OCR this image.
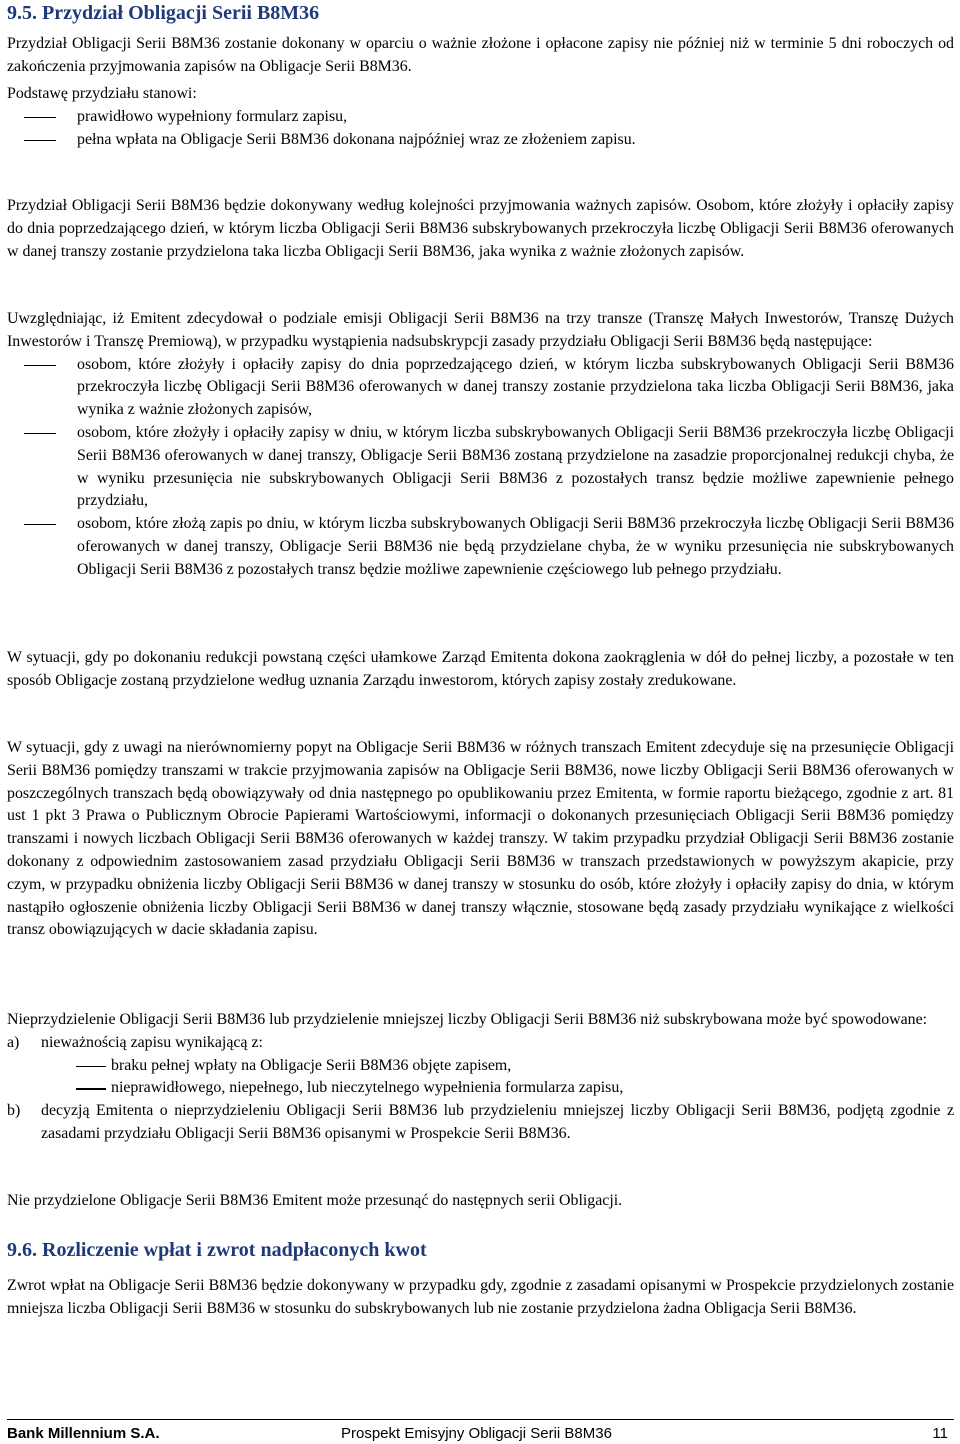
9.5. Przydział Obligacji Serii B8M36

Przydział Obligacji Serii B8M36 zostanie dokonany w oparciu o ważnie złożone i opłacone zapisy nie później niż w terminie 5 dni roboczych od zakończenia przyjmowania zapisów na Obligacje Serii B8M36.

Podstawę przydziału stanowi:

prawidłowo wypełniony formularz zapisu,
pełna wpłata na Obligacje Serii B8M36 dokonana najpóźniej wraz ze złożeniem zapisu.

Przydział Obligacji Serii B8M36 będzie dokonywany według kolejności przyjmowania ważnych zapisów. Osobom, które złożyły i opłaciły zapisy do dnia poprzedzającego dzień, w którym liczba Obligacji Serii B8M36 subskrybowanych przekroczyła liczbę Obligacji Serii B8M36 oferowanych w danej transzy zostanie przydzielona taka liczba Obligacji Serii B8M36, jaka wynika z ważnie złożonych zapisów.

Uwzględniając, iż Emitent zdecydował o podziale emisji Obligacji Serii B8M36 na trzy transze (Transzę Małych Inwestorów, Transzę Dużych Inwestorów i Transzę Premiową), w przypadku wystąpienia nadsubskrypcji zasady przydziału Obligacji Serii B8M36 będą następujące:

osobom, które złożyły i opłaciły zapisy do dnia poprzedzającego dzień, w którym liczba subskrybowanych Obligacji Serii B8M36 przekroczyła liczbę Obligacji Serii B8M36 oferowanych w danej transzy zostanie przydzielona taka liczba Obligacji Serii B8M36, jaka wynika z ważnie złożonych zapisów,
osobom, które złożyły i opłaciły zapisy w dniu, w którym liczba subskrybowanych Obligacji Serii B8M36 przekroczyła liczbę Obligacji Serii B8M36 oferowanych w danej transzy, Obligacje Serii B8M36 zostaną przydzielone na zasadzie proporcjonalnej redukcji chyba, że w wyniku przesunięcia nie subskrybowanych Obligacji Serii B8M36 z pozostałych transz będzie możliwe zapewnienie pełnego przydziału,
osobom, które złożą zapis po dniu, w którym liczba subskrybowanych Obligacji Serii B8M36 przekroczyła liczbę Obligacji Serii B8M36 oferowanych w danej transzy, Obligacje Serii B8M36 nie będą przydzielane chyba, że w wyniku przesunięcia nie subskrybowanych Obligacji Serii B8M36 z pozostałych transz będzie możliwe zapewnienie częściowego lub pełnego przydziału.

W sytuacji, gdy po dokonaniu redukcji powstaną części ułamkowe Zarząd Emitenta dokona zaokrąglenia w dół do pełnej liczby, a pozostałe w ten sposób Obligacje zostaną przydzielone według uznania Zarządu inwestorom, których zapisy zostały zredukowane.

W sytuacji, gdy z uwagi na nierównomierny popyt na Obligacje Serii B8M36 w różnych transzach Emitent zdecyduje się na przesunięcie Obligacji Serii B8M36 pomiędzy transzami w trakcie przyjmowania zapisów na Obligacje Serii B8M36, nowe liczby Obligacji Serii B8M36 oferowanych w poszczególnych transzach będą obowiązywały od dnia następnego po opublikowaniu przez Emitenta, w formie raportu bieżącego, zgodnie z art. 81 ust 1 pkt 3 Prawa o Publicznym Obrocie Papierami Wartościowymi, informacji o dokonanych przesunięciach Obligacji Serii B8M36 pomiędzy transzami i nowych liczbach Obligacji Serii B8M36 oferowanych w każdej transzy. W takim przypadku przydział Obligacji Serii B8M36 zostanie dokonany z odpowiednim zastosowaniem zasad przydziału Obligacji Serii B8M36 w transzach przedstawionych w powyższym akapicie, przy czym, w przypadku obniżenia liczby Obligacji Serii B8M36 w danej transzy w stosunku do osób, które złożyły i opłaciły zapisy do dnia, w którym nastąpiło ogłoszenie obniżenia liczby Obligacji Serii B8M36 w danej transzy włącznie, stosowane będą zasady przydziału wynikające z wielkości transz obowiązujących w dacie składania zapisu.

Nieprzydzielenie Obligacji Serii B8M36 lub przydzielenie mniejszej liczby Obligacji Serii B8M36 niż subskrybowana może być spowodowane:

a) nieważnością zapisu wynikającą z:
braku pełnej wpłaty na Obligacje Serii B8M36 objęte zapisem,
nieprawidłowego, niepełnego, lub nieczytelnego wypełnienia formularza zapisu,
b) decyzją Emitenta o nieprzydzieleniu Obligacji Serii B8M36 lub przydzieleniu mniejszej liczby Obligacji Serii B8M36, podjętą zgodnie z zasadami przydziału Obligacji Serii B8M36 opisanymi w Prospekcie Serii B8M36.

Nie przydzielone Obligacje Serii B8M36 Emitent może przesunąć do następnych serii Obligacji.

9.6. Rozliczenie wpłat i zwrot nadpłaconych kwot

Zwrot wpłat na Obligacje Serii B8M36 będzie dokonywany w przypadku gdy, zgodnie z zasadami opisanymi w Prospekcie przydzielonych zostanie mniejsza liczba Obligacji Serii B8M36 w stosunku do subskrybowanych lub nie zostanie przydzielona żadna Obligacja Serii B8M36.

Bank Millennium S.A.	Prospekt Emisyjny Obligacji Serii B8M36	11
